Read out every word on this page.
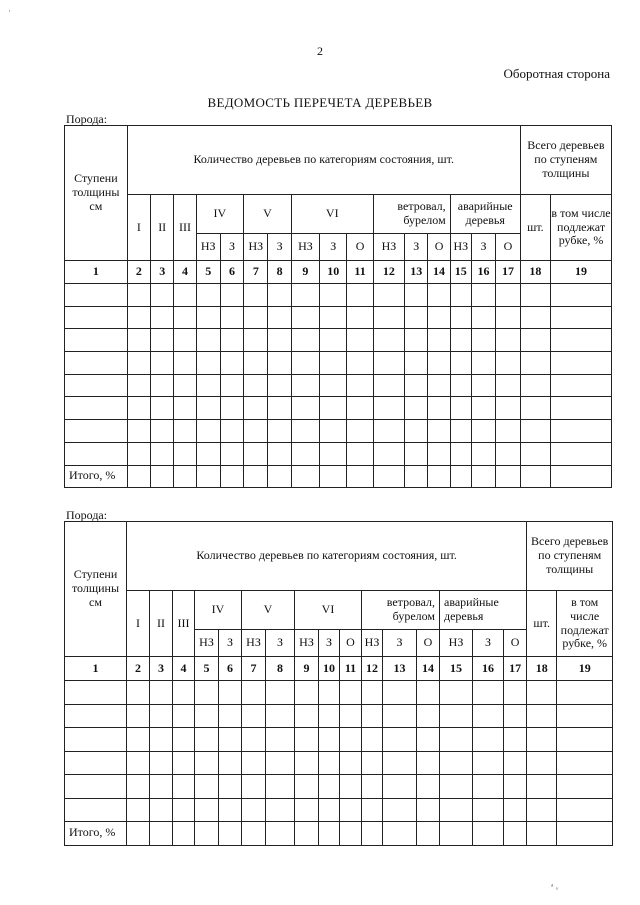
·
2
Оборотная сторона
ВЕДОМОСТЬ ПЕРЕЧЕТА ДЕРЕВЬЕВ
Порода:
Ступени толщины см	Количество деревьев по категориям состояния, шт.																Всего деревьев по ступеням толщины	
	I	II	III	IV		V		VI			ветровал, бурелом			аварийные деревья			шт.	в том числе подлежат рубке, %
				НЗ	З	НЗ	З	НЗ	З	О	НЗ	З	О	НЗ	З	О		
1	2	3	4	5	6	7	8	9	10	11	12	13	14	15	16	17	18	19

Итого, %																		
Порода:
Ступени толщины см	Количество деревьев по категориям состояния, шт.																Всего деревьев по ступеням толщины	
	I	II	III	IV		V		VI			ветровал, бурелом			аварийные деревья			шт.	в том числе подлежат рубке, %
				НЗ	З	НЗ	З	НЗ	З	О	НЗ	З	О	НЗ	З	О		
1	2	3	4	5	6	7	8	9	10	11	12	13	14	15	16	17	18	19

Итого, %																		
ᵃ ᵥ
